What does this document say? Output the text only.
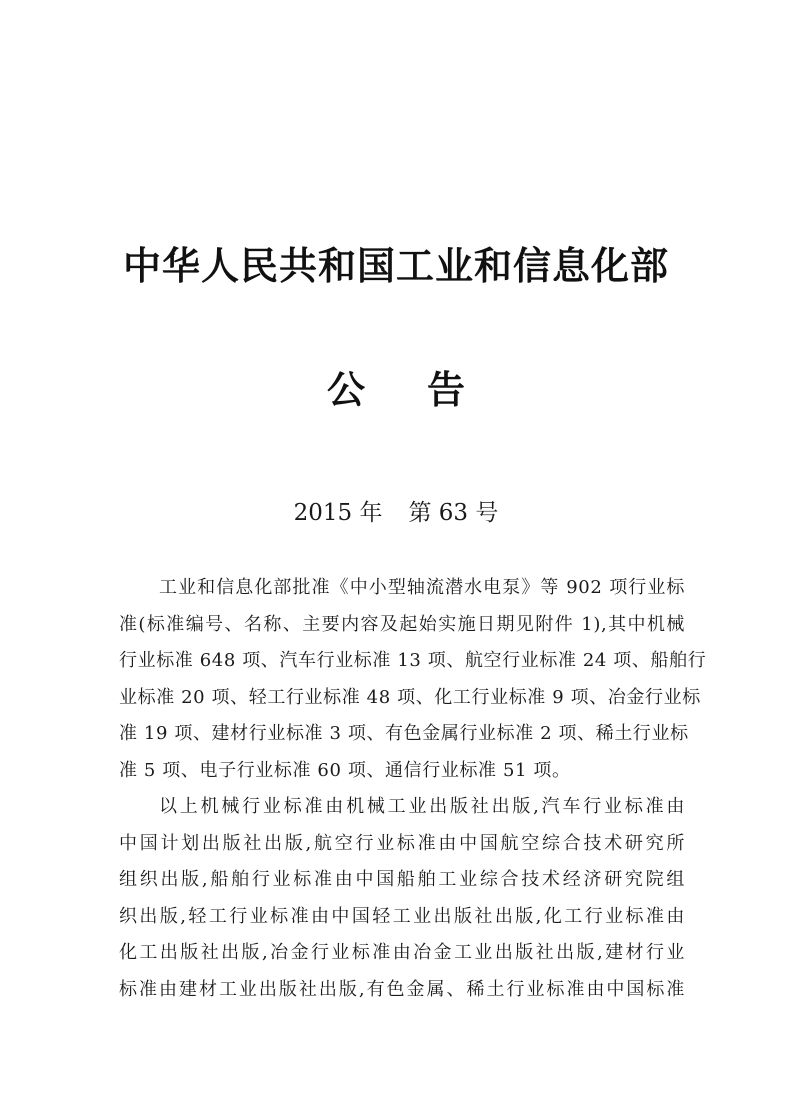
中华人民共和国工业和信息化部
公 告
2015 年 第 63 号
工业和信息化部批准《中小型轴流潜水电泵》等 902 项行业标
准(标准编号、名称、主要内容及起始实施日期见附件 1),其中机械
行业标准 648 项、汽车行业标准 13 项、航空行业标准 24 项、船舶行
业标准 20 项、轻工行业标准 48 项、化工行业标准 9 项、冶金行业标
准 19 项、建材行业标准 3 项、有色金属行业标准 2 项、稀土行业标
准 5 项、电子行业标准 60 项、通信行业标准 51 项。
以上机械行业标准由机械工业出版社出版,汽车行业标准由
中国计划出版社出版,航空行业标准由中国航空综合技术研究所
组织出版,船舶行业标准由中国船舶工业综合技术经济研究院组
织出版,轻工行业标准由中国轻工业出版社出版,化工行业标准由
化工出版社出版,冶金行业标准由冶金工业出版社出版,建材行业
标准由建材工业出版社出版,有色金属、稀土行业标准由中国标准
